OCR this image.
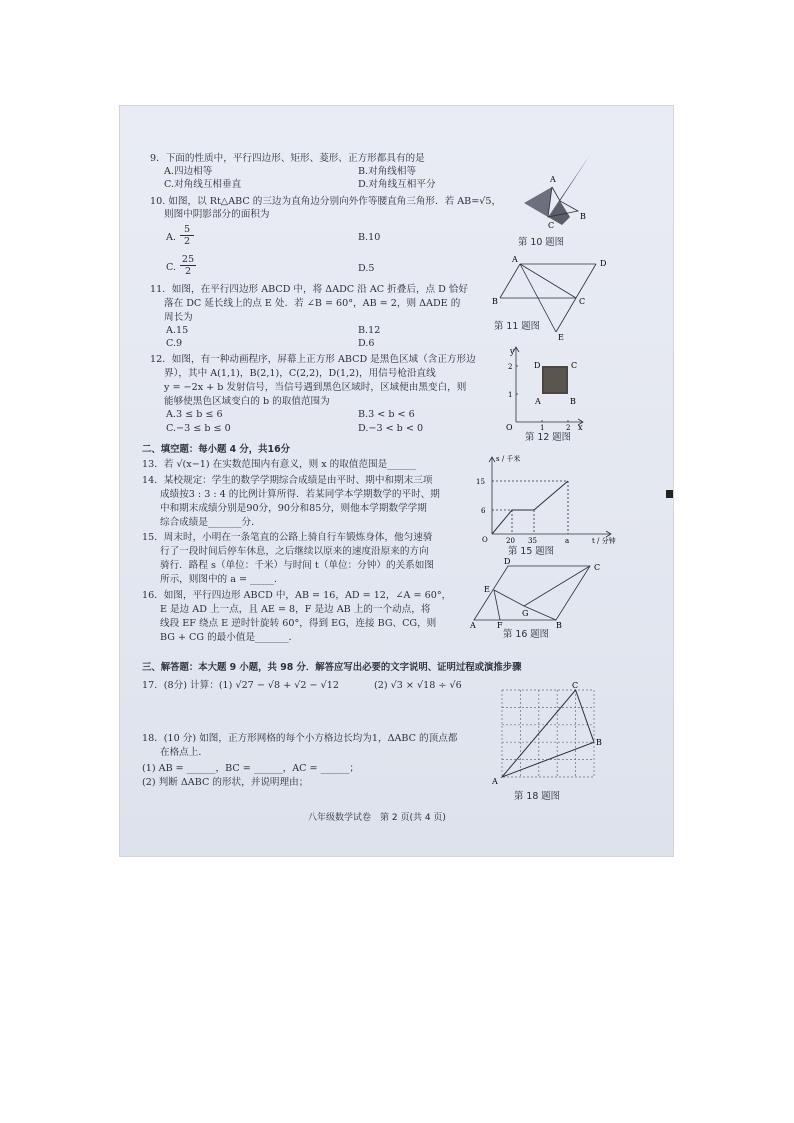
9．下面的性质中，平行四边形、矩形、菱形、正方形都具有的是
A.四边相等	B.对角线相等
C.对角线互相垂直	D.对角线互相平分
10. 如图，以 Rt△ABC 的三边为直角边分别向外作等腰直角三角形．若 AB=√5，
则图中阴影部分的面积为
A. $\frac{5}{2}$	B.10
C. $\frac{25}{2}$	D.5
A
B
C
第 10 题图
11．如图，在平行四边形 ABCD 中，将 ΔADC 沿 AC 折叠后，点 D 恰好
落在 DC 延长线上的点 E 处．若 ∠B = 60°，AB = 2，则 ΔADE 的
周长为
A.15	B.12
C.9	D.6
A	D
B	C
E
第 11 题图
12．如图，有一种动画程序，屏幕上正方形 ABCD 是黑色区域（含正方形边
界），其中 A(1,1)，B(2,1)，C(2,2)，D(1,2)，用信号枪沿直线
y = −2x + b 发射信号，当信号遇到黑色区域时，区域便由黑变白，则
能够使黑色区域变白的 b 的取值范围为
A.3 ≤ b ≤ 6	B.3 < b < 6
C.−3 ≤ b ≤ 0	D.−3 < b < 0
y
x
O	1	2
1
2	D	C
A	B
第 12 题图
二、填空题：每小题 4 分，共16分
13．若 √(x−1) 在实数范围内有意义，则 x 的取值范围是______
14．某校规定：学生的数学学期综合成绩是由平时、期中和期末三项
成绩按3 : 3 : 4 的比例计算所得．若某同学本学期数学的平时、期
中和期末成绩分别是90分，90分和85分，则他本学期数学学期
综合成绩是_______分．
s / 千米
t / 分钟
O
15
6
20 35	a
第 15 题图
15．周末时，小明在一条笔直的公路上骑自行车锻炼身体，他匀速骑
行了一段时间后停车休息，之后继续以原来的速度沿原来的方向
骑行．路程 s（单位：千米）与时间 t（单位：分钟）的关系如图
所示，则图中的 a = _____．
16．如图，平行四边形 ABCD 中，AB = 16，AD = 12，∠A = 60°，
E 是边 AD 上一点，且 AE = 8，F 是边 AB 上的一个动点，将
线段 EF 绕点 E 逆时针旋转 60°，得到 EG，连接 BG、CG，则
BG + CG 的最小值是_______．
D
C
E
G
A	F	B
第 16 题图
三、解答题：本大题 9 小题，共 98 分．解答应写出必要的文字说明、证明过程或演推步骤
17．(8分) 计算：(1) √27 − √8 + √2 − √12	(2) √3 × √18 ÷ √6
A
B
C
第 18 题图
18．(10 分) 如图，正方形网格的每个小方格边长均为1，ΔABC 的顶点都
在格点上．
(1) AB = ______，BC = ______，AC = ______；
(2) 判断 ΔABC 的形状，并说明理由；
八年级数学试卷　第 2 页(共 4 页)
